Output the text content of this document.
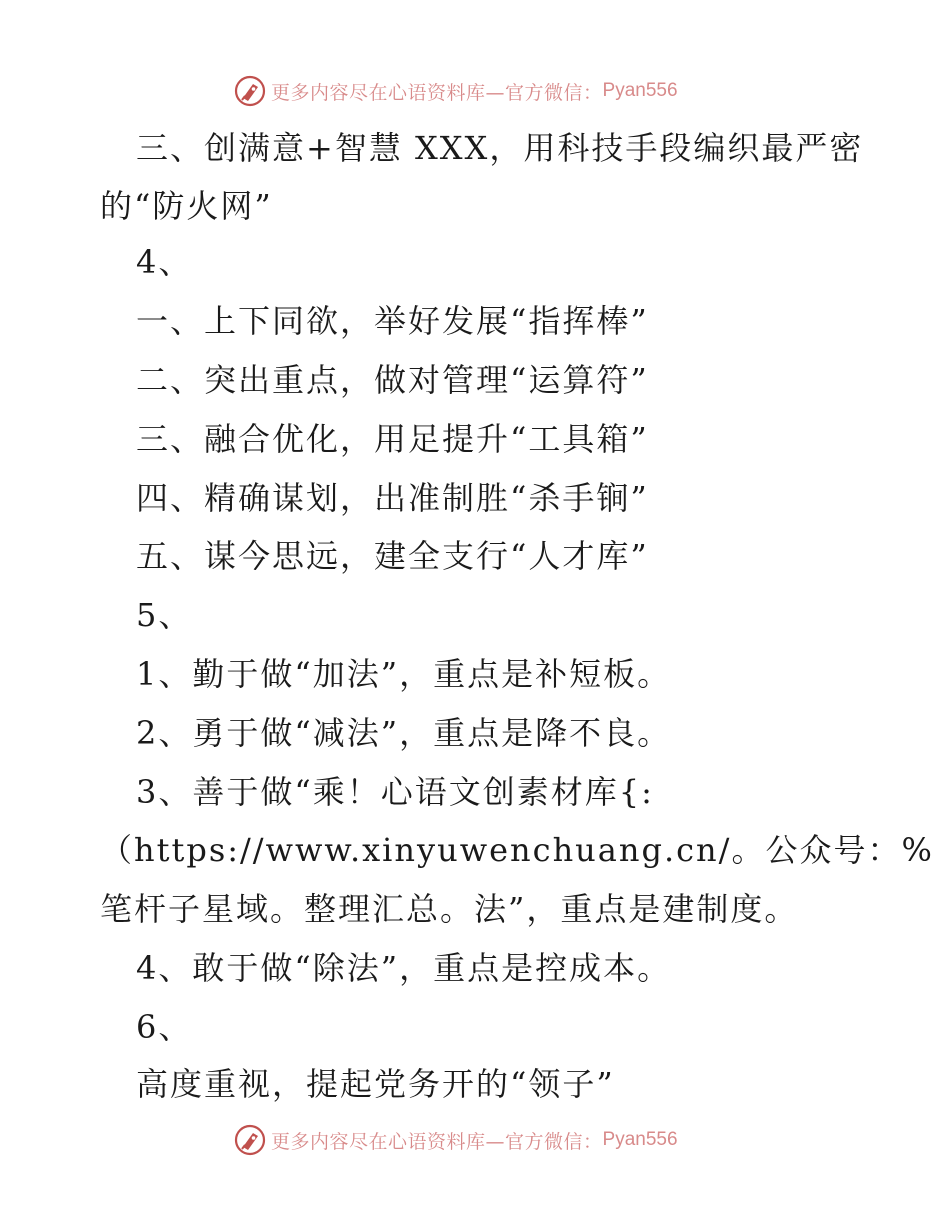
更多内容尽在心语资料库—官方微信： Pyan556
三、创满意+智慧 XXX，用科技手段编织最严密
的“防火网”
4、
一、上下同欲，举好发展“指挥棒”
二、突出重点，做对管理“运算符”
三、融合优化，用足提升“工具箱”
四、精确谋划，出准制胜“杀手锏”
五、谋今思远，建全支行“人才库”
5、
1、勤于做“加法”，重点是补短板。
2、勇于做“减法”，重点是降不良。
3、善于做“乘！心语文创素材库{:
（https://www.xinyuwenchuang.cn/。公众号：%
笔杆子星域。整理汇总。法”，重点是建制度。
4、敢于做“除法”，重点是控成本。
6、
高度重视，提起党务开的“领子”
更多内容尽在心语资料库—官方微信： Pyan556
